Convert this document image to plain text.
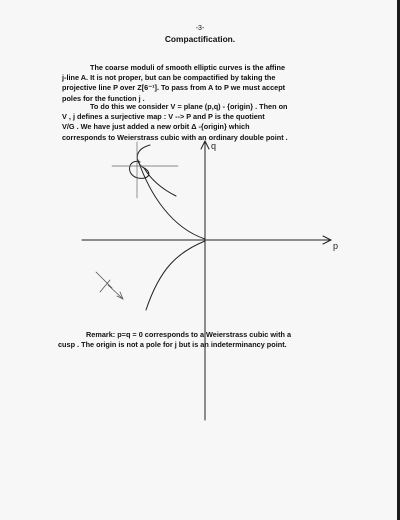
-3-
Compactification.
The coarse moduli of smooth elliptic curves is the affine
j-line A. It is not proper, but can be compactified by taking the
projective line P over Z[6⁻¹]. To pass from A to P we must accept
poles for the function j .
To do this we consider V = plane (p,q) - {origin} . Then on
V , j defines a surjective map : V --> P and P is the quotient
V/G . We have just added a new orbit Δ -{origin} which
corresponds to Weierstrass cubic with an ordinary double point .
q
p
Remark: p=q = 0 corresponds to a Weierstrass cubic with a
cusp . The origin is not a pole for j but is an indeterminancy point.
